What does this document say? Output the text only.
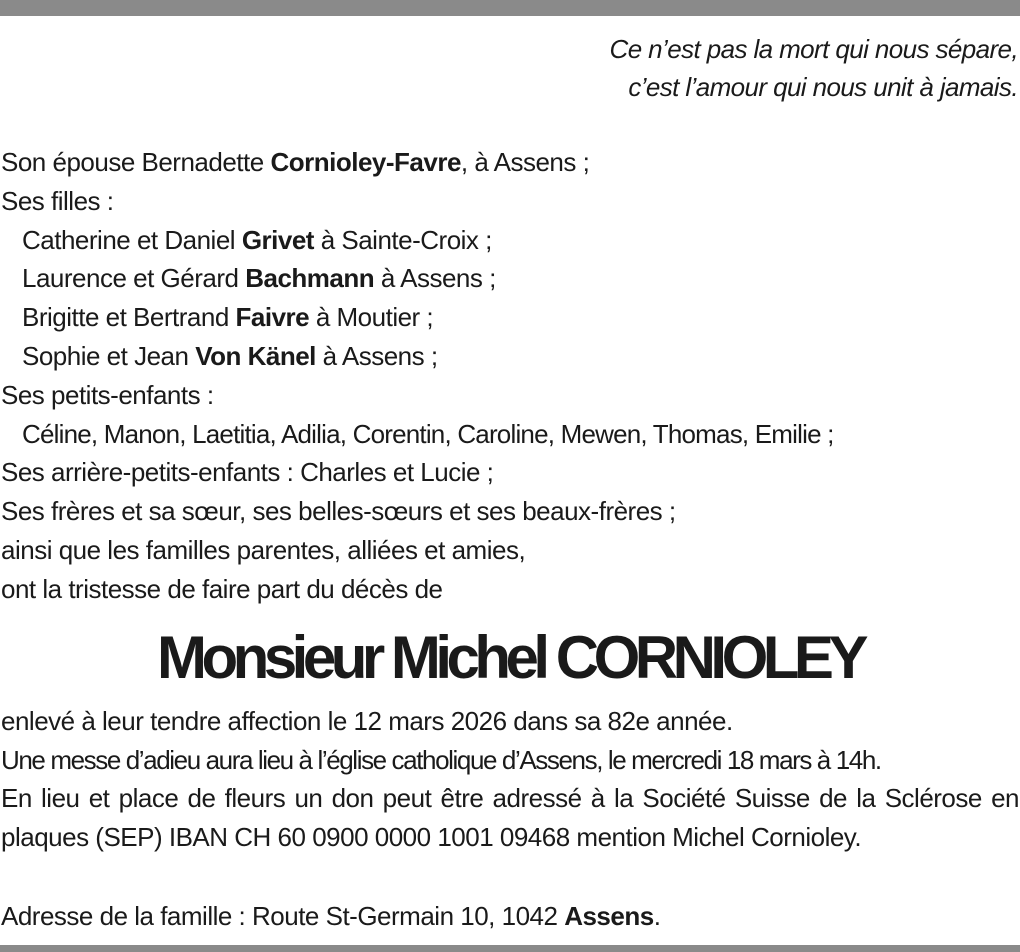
Ce n’est pas la mort qui nous sépare,
c’est l’amour qui nous unit à jamais.
Son épouse Bernadette Cornioley-Favre, à Assens ;
Ses filles :
Catherine et Daniel Grivet à Sainte-Croix ;
Laurence et Gérard Bachmann à Assens ;
Brigitte et Bertrand Faivre à Moutier ;
Sophie et Jean Von Känel à Assens ;
Ses petits-enfants :
Céline, Manon, Laetitia, Adilia, Corentin, Caroline, Mewen, Thomas, Emilie ;
Ses arrière-petits-enfants : Charles et Lucie ;
Ses frères et sa sœur, ses belles-sœurs et ses beaux-frères ;
ainsi que les familles parentes, alliées et amies,
ont la tristesse de faire part du décès de
Monsieur Michel CORNIOLEY
enlevé à leur tendre affection le 12 mars 2026 dans sa 82e année.
Une messe d’adieu aura lieu à l’église catholique d’Assens, le mercredi 18 mars à 14h.
En lieu et place de fleurs un don peut être adressé à la Société Suisse de la Sclérose en plaques (SEP) IBAN CH 60 0900 0000 1001 09468 mention Michel Cornioley.
Adresse de la famille : Route St-Germain 10, 1042 Assens.
